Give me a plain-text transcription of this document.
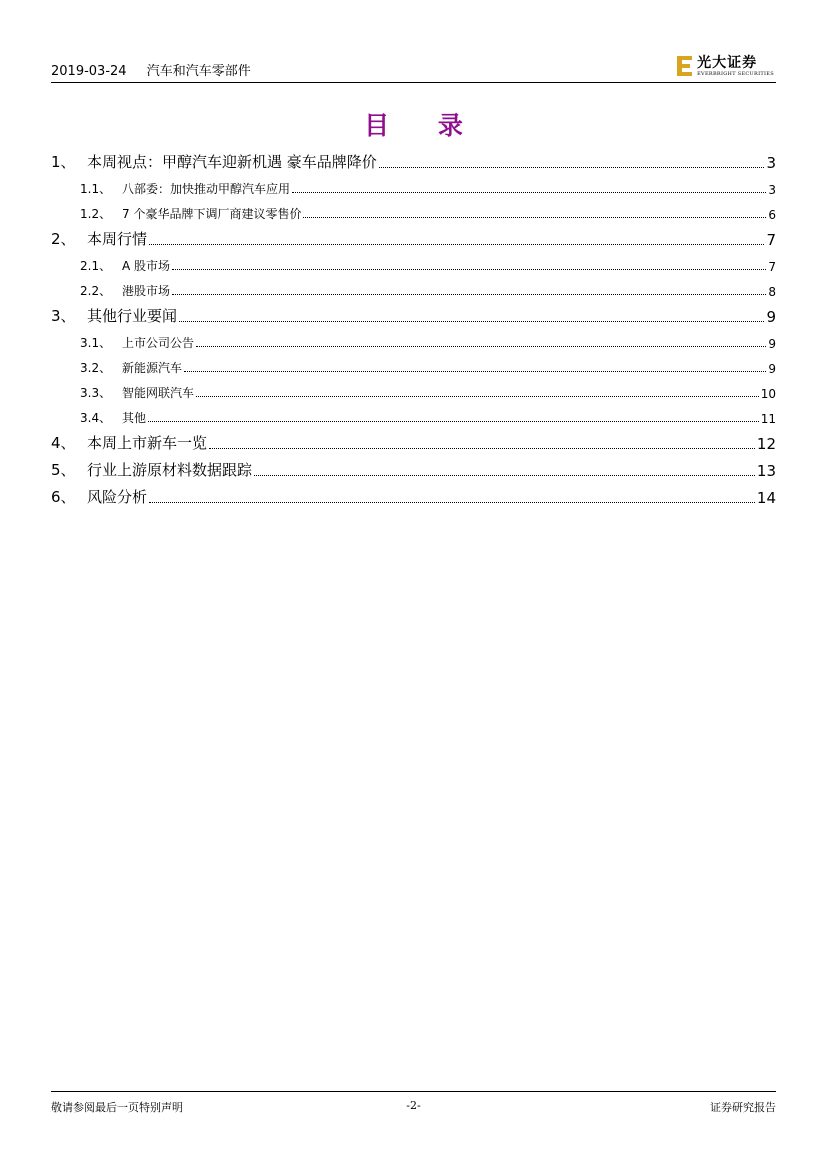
2019-03-24 汽车和汽车零部件
光大证券
EVERBRIGHT SECURITIES
目 录
1、 本周视点：甲醇汽车迎新机遇 豪车品牌降价	3
1.1、 八部委：加快推动甲醇汽车应用	3
1.2、 7 个豪华品牌下调厂商建议零售价	6
2、 本周行情	7
2.1、 A 股市场	7
2.2、 港股市场	8
3、 其他行业要闻	9
3.1、 上市公司公告	9
3.2、 新能源汽车	9
3.3、 智能网联汽车	10
3.4、 其他	11
4、 本周上市新车一览	12
5、 行业上游原材料数据跟踪	13
6、 风险分析	14
敬请参阅最后一页特别声明	-2-	证券研究报告
